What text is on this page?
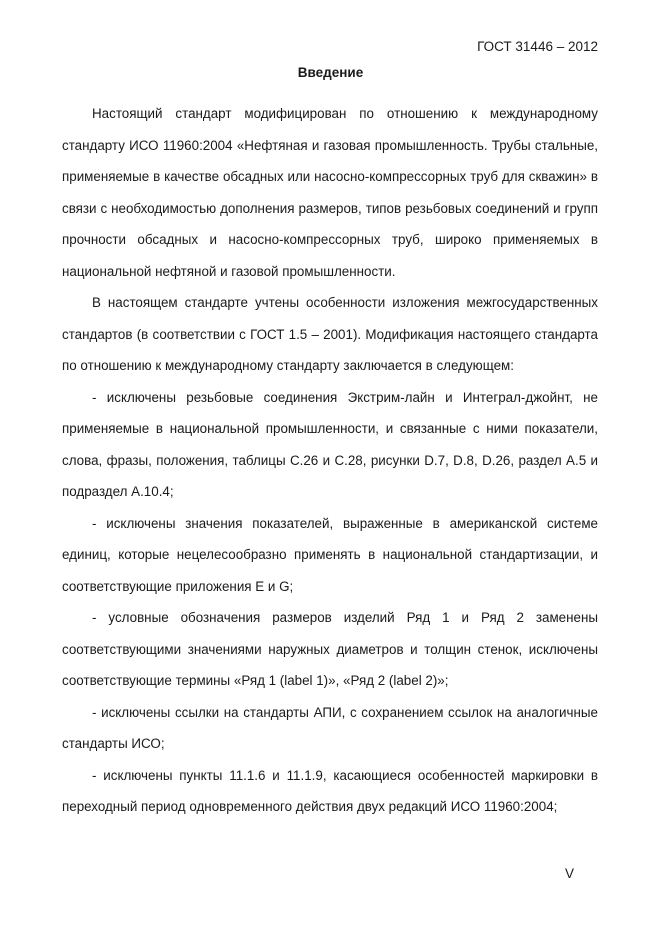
ГОСТ 31446 – 2012
Введение

Настоящий стандарт модифицирован по отношению к международному стандарту ИСО 11960:2004 «Нефтяная и газовая промышленность. Трубы стальные, применяемые в качестве обсадных или насосно-компрессорных труб для скважин» в связи с необходимостью дополнения размеров, типов резьбовых соединений и групп прочности обсадных и насосно-компрессорных труб, широко применяемых в национальной нефтяной и газовой промышленности.

В настоящем стандарте учтены особенности изложения межгосударственных стандартов (в соответствии с ГОСТ 1.5 – 2001). Модификация настоящего стандарта по отношению к международному стандарту заключается в следующем:

- исключены резьбовые соединения Экстрим-лайн и Интеграл-джойнт, не применяемые в национальной промышленности, и связанные с ними показатели, слова, фразы, положения, таблицы С.26 и С.28, рисунки D.7, D.8, D.26, раздел А.5 и подраздел А.10.4;

- исключены значения показателей, выраженные в американской системе единиц, которые нецелесообразно применять в национальной стандартизации, и соответствующие приложения Е и G;

- условные обозначения размеров изделий Ряд 1 и Ряд 2 заменены соответствующими значениями наружных диаметров и толщин стенок, исключены соответствующие термины «Ряд 1 (label 1)», «Ряд 2 (label 2)»;

- исключены ссылки на стандарты АПИ, с сохранением ссылок на аналогичные стандарты ИСО;

- исключены пункты 11.1.6 и 11.1.9, касающиеся особенностей маркировки в переходный период одновременного действия двух редакций ИСО 11960:2004;

V
